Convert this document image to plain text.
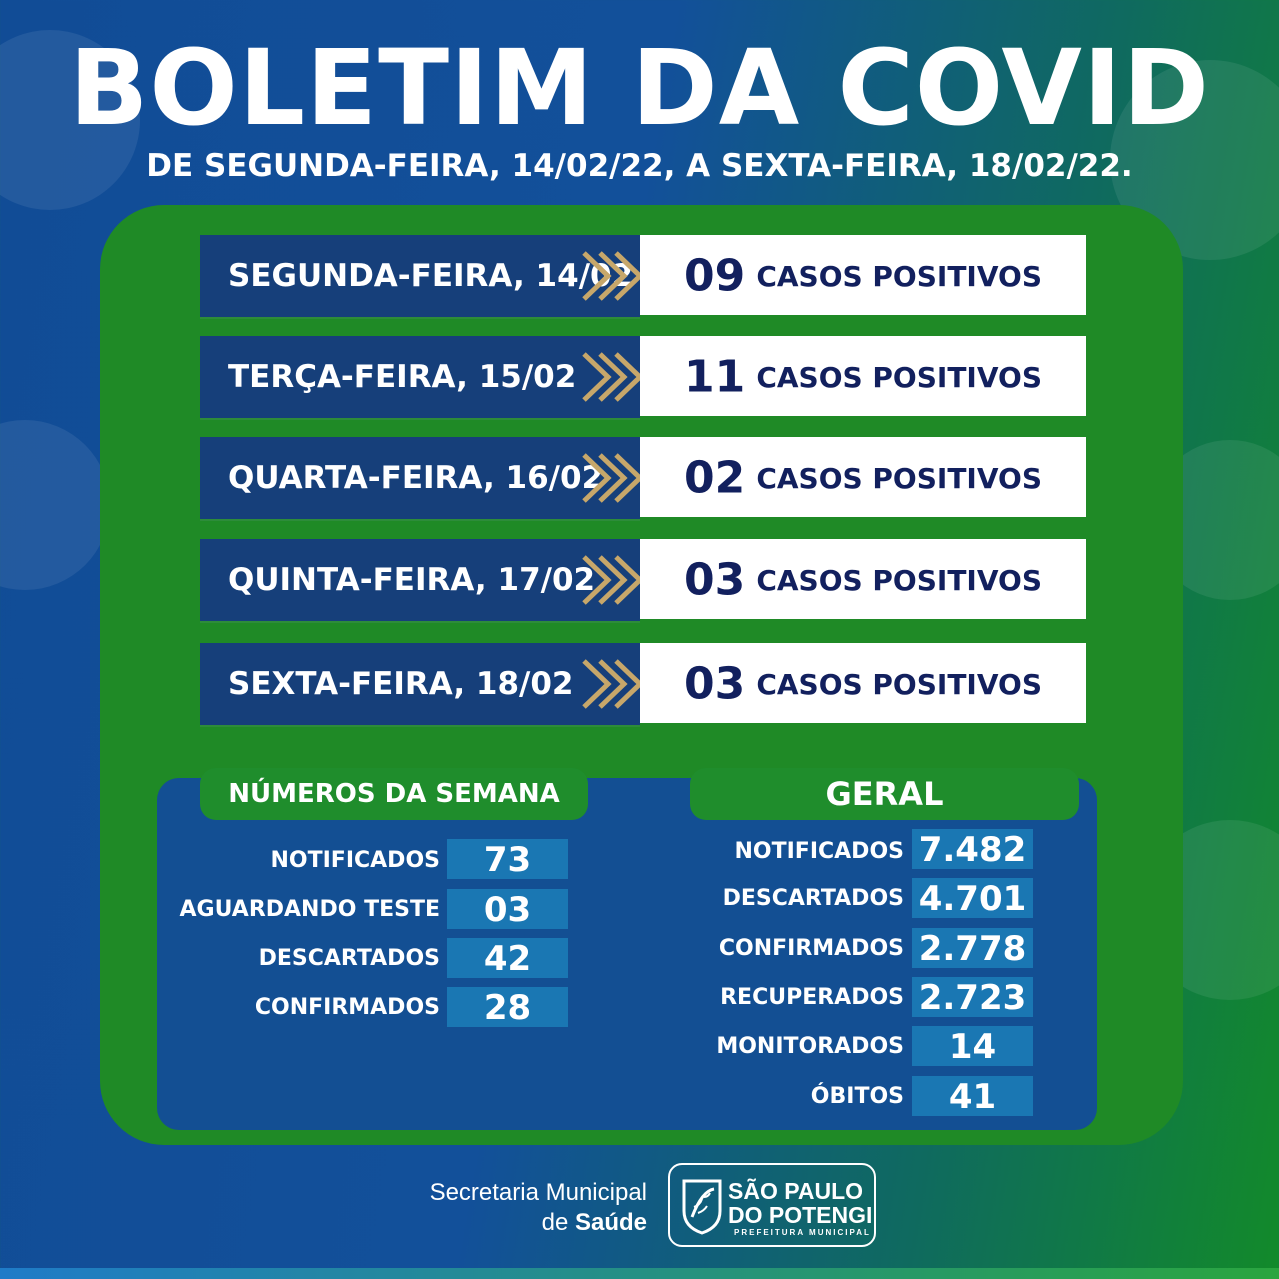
BOLETIM DA COVID
DE SEGUNDA-FEIRA, 14/02/22, A SEXTA-FEIRA, 18/02/22.
SEGUNDA-FEIRA, 14/02	09 CASOS POSITIVOS
TERÇA-FEIRA, 15/02	11 CASOS POSITIVOS
QUARTA-FEIRA, 16/02	02 CASOS POSITIVOS
QUINTA-FEIRA, 17/02	03 CASOS POSITIVOS
SEXTA-FEIRA, 18/02	03 CASOS POSITIVOS
NÚMEROS DA SEMANA
NOTIFICADOS	73
AGUARDANDO TESTE	03
DESCARTADOS	42
CONFIRMADOS	28
GERAL
NOTIFICADOS 7.482
DESCARTADOS 4.701
CONFIRMADOS 2.778
RECUPERADOS 2.723
MONITORADOS	14
ÓBITOS	41
Secretaria Municipal
de Saúde
SÃO PAULO
DO POTENGI
PREFEITURA MUNICIPAL
